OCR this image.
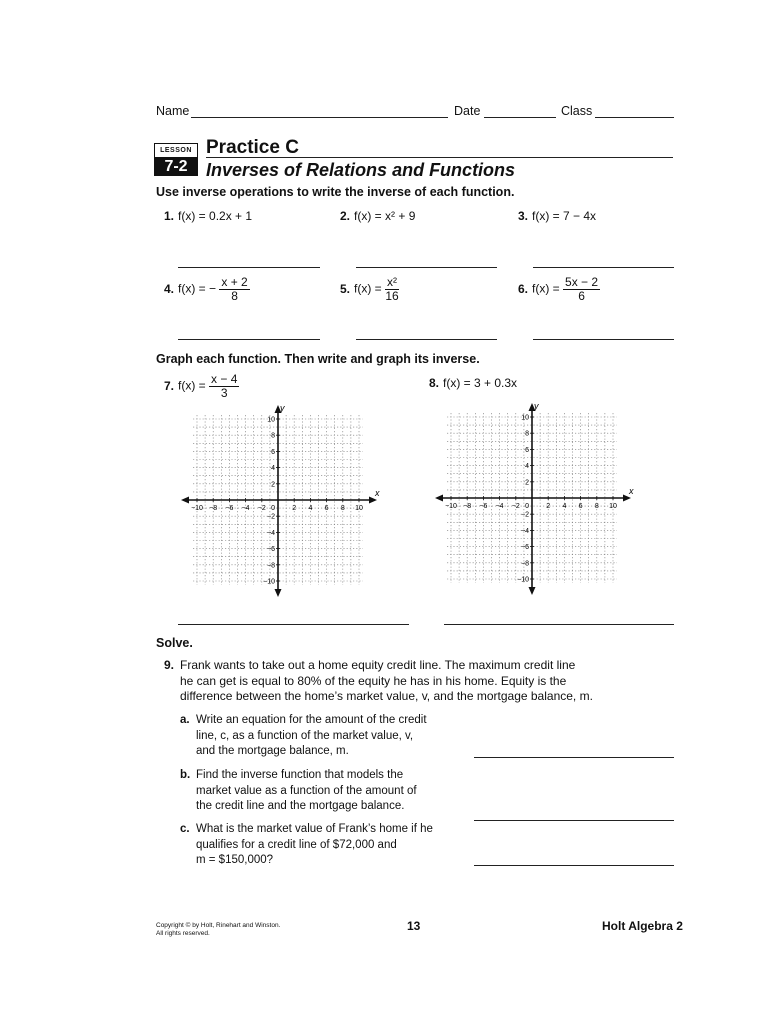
Name	Date	Class
LESSON
7-2
Practice C
Inverses of Relations and Functions
Use inverse operations to write the inverse of each function.
1. f(x) = 0.2x + 1	2. f(x) = x² + 9	3. f(x) = 7 − 4x
4. f(x) = − $\frac{x + 2}{8}$	5. $f(x) = \frac{\text{x²}}{16}$	6. $f(x) = \frac{5x - 2}{6}$
Graph each function. Then write and graph its inverse.
7. $f(x) = \frac{x - 4}{3}$	8. f(x) = 3 + 0.3x
x
y
2
−2
2
−2
4
−4
4
−4
6
−6
6
−6
8
−8
8
−8
10
−10
10
−10
0
x
y
2
−2
2
−2
4
−4
4
−4
6
−6
6
−6
8
−8
8
−8
10
−10
10
−10
0
Solve.
9. Frank wants to take out a home equity credit line. The maximum credit line
he can get is equal to 80% of the equity he has in his home. Equity is the
difference between the home’s market value, v, and the mortgage balance, m.
a. Write an equation for the amount of the credit
line, c, as a function of the market value, v,
and the mortgage balance, m.
b. Find the inverse function that models the
market value as a function of the amount of
the credit line and the mortgage balance.
c. What is the market value of Frank’s home if he
qualifies for a credit line of $72,000 and
m = $150,000?
Copyright © by Holt, Rinehart and Winston.
All rights reserved.
13	Holt Algebra 2
